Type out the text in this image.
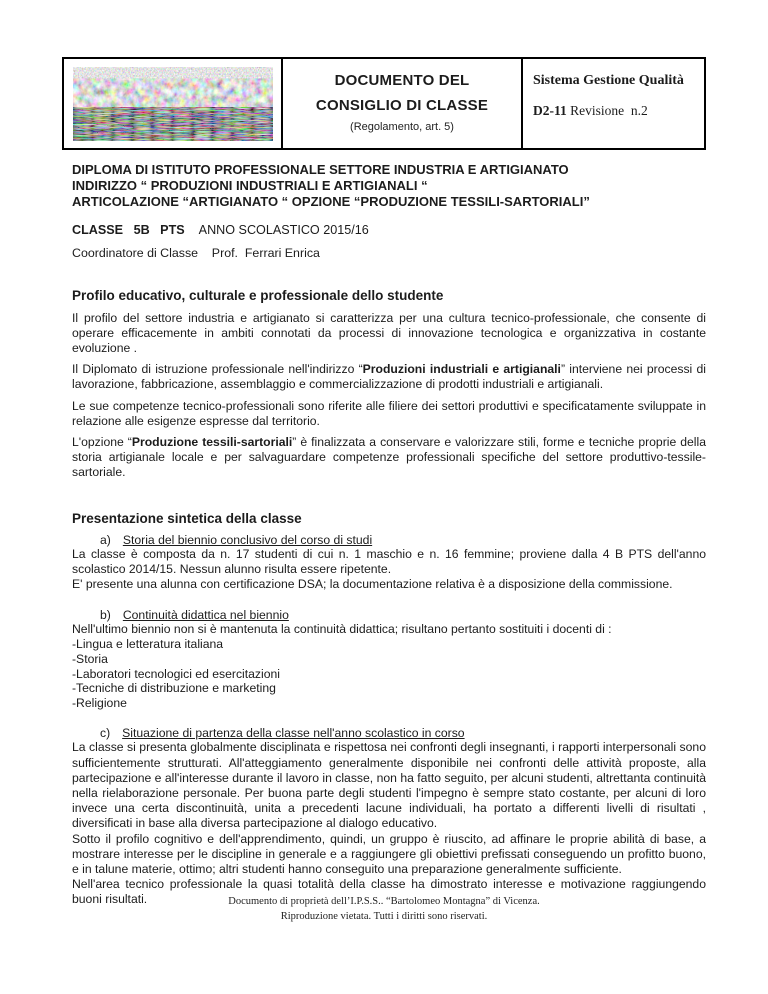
DOCUMENTO DEL
CONSIGLIO DI CLASSE
(Regolamento, art. 5)
Sistema Gestione Qualità
D2-11 Revisione  n.2
DIPLOMA DI ISTITUTO PROFESSIONALE SETTORE INDUSTRIA E ARTIGIANATO
INDIRIZZO “ PRODUZIONI INDUSTRIALI E ARTIGIANALI “
ARTICOLAZIONE “ARTIGIANATO “ OPZIONE “PRODUZIONE TESSILI-SARTORIALI”
CLASSE   5B   PTS ANNO SCOLASTICO 2015/16
Coordinatore di Classe    Prof.  Ferrari Enrica
Profilo educativo, culturale e professionale dello studente

Il profilo del settore industria e artigianato si caratterizza per una cultura tecnico-professionale, che consente di operare efficacemente in ambiti connotati da processi di innovazione tecnologica e organizzativa in costante evoluzione .

Il Diplomato di istruzione professionale nell'indirizzo “Produzioni industriali e artigianali” interviene nei processi di lavorazione, fabbricazione, assemblaggio e commercializzazione di prodotti industriali e artigianali.

Le sue competenze tecnico-professionali sono riferite alle filiere dei settori produttivi e specificatamente sviluppate in relazione alle esigenze espresse dal territorio.

L'opzione “Produzione tessili-sartoriali” è finalizzata a conservare e valorizzare stili, forme e tecniche proprie della storia artigianale locale e per salvaguardare competenze professionali specifiche del settore produttivo-tessile-sartoriale.

Presentazione sintetica della classe
a) Storia del biennio conclusivo del corso di studi
La classe è composta da n. 17 studenti di cui n. 1 maschio e n. 16 femmine; proviene dalla 4 B PTS dell'anno scolastico 2014/15. Nessun alunno risulta essere ripetente.
E' presente una alunna con certificazione DSA; la documentazione relativa è a disposizione della commissione.
b) Continuità didattica nel biennio
Nell'ultimo biennio non si è mantenuta la continuità didattica; risultano pertanto sostituiti i docenti di :
-Lingua e letteratura italiana
-Storia
-Laboratori tecnologici ed esercitazioni
-Tecniche di distribuzione e marketing
-Religione
c) Situazione di partenza della classe nell'anno scolastico in corso
La classe si presenta globalmente disciplinata e rispettosa nei confronti degli insegnanti, i rapporti interpersonali sono sufficientemente strutturati. All'atteggiamento generalmente disponibile nei confronti delle attività proposte, alla partecipazione e all'interesse durante il lavoro in classe, non ha fatto seguito, per alcuni studenti, altrettanta continuità nella rielaborazione personale. Per buona parte degli studenti l'impegno è sempre stato costante, per alcuni di loro invece una certa discontinuità, unita a precedenti lacune individuali, ha portato a differenti livelli di risultati , diversificati in base alla diversa partecipazione al dialogo educativo.
Sotto il profilo cognitivo e dell'apprendimento, quindi, un gruppo è riuscito, ad affinare le proprie abilità di base, a mostrare interesse per le discipline in generale e a raggiungere gli obiettivi prefissati conseguendo un profitto buono, e in talune materie, ottimo; altri studenti hanno conseguito una preparazione generalmente sufficiente.
Nell'area tecnico professionale la quasi totalità della classe ha dimostrato interesse e motivazione raggiungendo buoni risultati.	Documento di proprietà dell’I.P.S.S.. “Bartolomeo Montagna” di Vicenza.
Riproduzione vietata. Tutti i diritti sono riservati.
